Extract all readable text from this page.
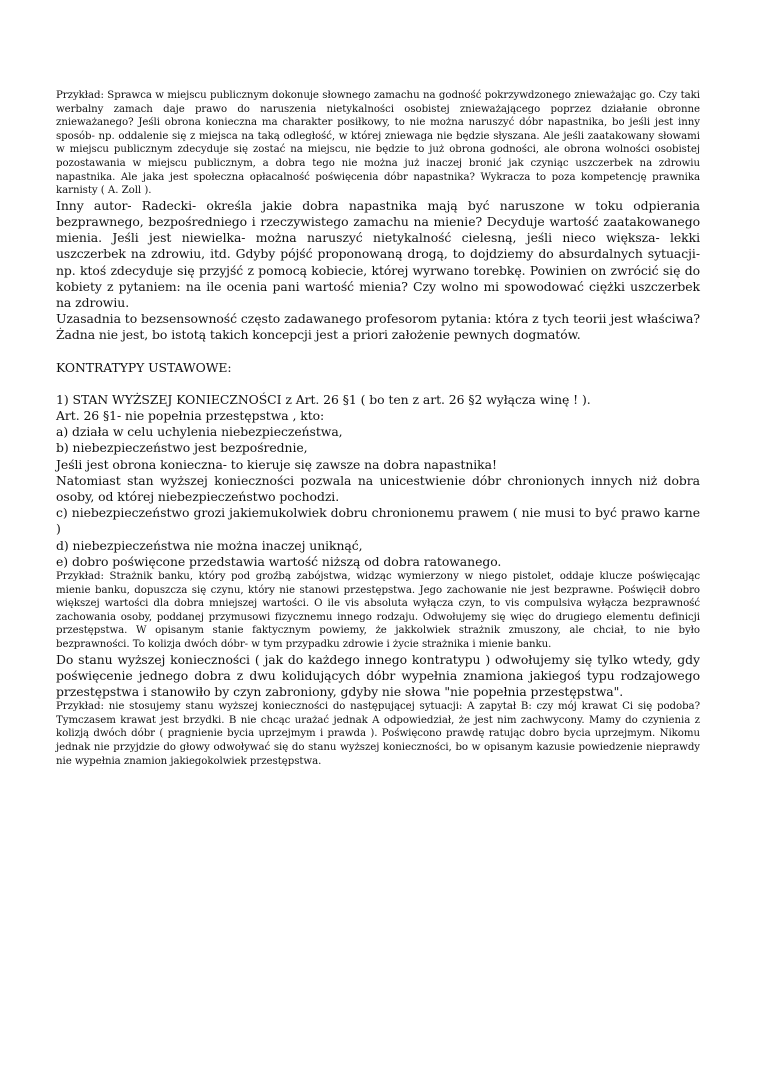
Przykład: Sprawca w miejscu publicznym dokonuje słownego zamachu na godność pokrzywdzonego znieważając go. Czy taki werbalny zamach daje prawo do naruszenia nietykalności osobistej znieważającego poprzez działanie obronne znieważanego? Jeśli obrona konieczna ma charakter posiłkowy, to nie można naruszyć dóbr napastnika, bo jeśli jest inny sposób- np. oddalenie się z miejsca na taką odległość, w której zniewaga nie będzie słyszana. Ale jeśli zaatakowany słowami w miejscu publicznym zdecyduje się zostać na miejscu, nie będzie to już obrona godności, ale obrona wolności osobistej pozostawania w miejscu publicznym, a dobra tego nie można już inaczej bronić jak czyniąc uszczerbek na zdrowiu napastnika. Ale jaka jest społeczna opłacalność poświęcenia dóbr napastnika? Wykracza to poza kompetencję prawnika karnisty ( A. Zoll ).

Inny autor- Radecki- określa jakie dobra napastnika mają być naruszone w toku odpierania bezprawnego, bezpośredniego i rzeczywistego zamachu na mienie? Decyduje wartość zaatakowanego mienia. Jeśli jest niewielka- można naruszyć nietykalność cielesną, jeśli nieco większa- lekki uszczerbek na zdrowiu, itd. Gdyby pójść proponowaną drogą, to dojdziemy do absurdalnych sytuacji- np. ktoś zdecyduje się przyjść z pomocą kobiecie, której wyrwano torebkę. Powinien on zwrócić się do kobiety z pytaniem: na ile ocenia pani wartość mienia? Czy wolno mi spowodować ciężki uszczerbek na zdrowiu.

Uzasadnia to bezsensowność często zadawanego profesorom pytania: która z tych teorii jest właściwa? Żadna nie jest, bo istotą takich koncepcji jest a priori założenie pewnych dogmatów.

KONTRATYPY USTAWOWE:

1) STAN WYŻSZEJ KONIECZNOŚCI z Art. 26 §1 ( bo ten z art. 26 §2 wyłącza winę ! ).

Art. 26 §1- nie popełnia przestępstwa , kto:

a) działa w celu uchylenia niebezpieczeństwa,

b) niebezpieczeństwo jest bezpośrednie,

Jeśli jest obrona konieczna- to kieruje się zawsze na dobra napastnika!

Natomiast stan wyższej konieczności pozwala na unicestwienie dóbr chronionych innych niż dobra osoby, od której niebezpieczeństwo pochodzi.

c) niebezpieczeństwo grozi jakiemukolwiek dobru chronionemu prawem ( nie musi to być prawo karne )

d) niebezpieczeństwa nie można inaczej uniknąć,

e) dobro poświęcone przedstawia wartość niższą od dobra ratowanego.

Przykład: Strażnik banku, który pod groźbą zabójstwa, widząc wymierzony w niego pistolet, oddaje klucze poświęcając mienie banku, dopuszcza się czynu, który nie stanowi przestępstwa. Jego zachowanie nie jest bezprawne. Poświęcił dobro większej wartości dla dobra mniejszej wartości. O ile vis absoluta wyłącza czyn, to vis compulsiva wyłącza bezprawność zachowania osoby, poddanej przymusowi fizycznemu innego rodzaju. Odwołujemy się więc do drugiego elementu definicji przestępstwa. W opisanym stanie faktycznym powiemy, że jakkolwiek strażnik zmuszony, ale chciał, to nie było bezprawności. To kolizja dwóch dóbr- w tym przypadku zdrowie i życie strażnika i mienie banku.

Do stanu wyższej konieczności ( jak do każdego innego kontratypu ) odwołujemy się tylko wtedy, gdy poświęcenie jednego dobra z dwu kolidujących dóbr wypełnia znamiona jakiegoś typu rodzajowego przestępstwa i stanowiło by czyn zabroniony, gdyby nie słowa "nie popełnia przestępstwa".

Przykład: nie stosujemy stanu wyższej konieczności do następującej sytuacji: A zapytał B: czy mój krawat Ci się podoba? Tymczasem krawat jest brzydki. B nie chcąc urażać jednak A odpowiedział, że jest nim zachwycony. Mamy do czynienia z kolizją dwóch dóbr ( pragnienie bycia uprzejmym i prawda ). Poświęcono prawdę ratując dobro bycia uprzejmym. Nikomu jednak nie przyjdzie do głowy odwoływać się do stanu wyższej konieczności, bo w opisanym kazusie powiedzenie nieprawdy nie wypełnia znamion jakiegokolwiek przestępstwa.
